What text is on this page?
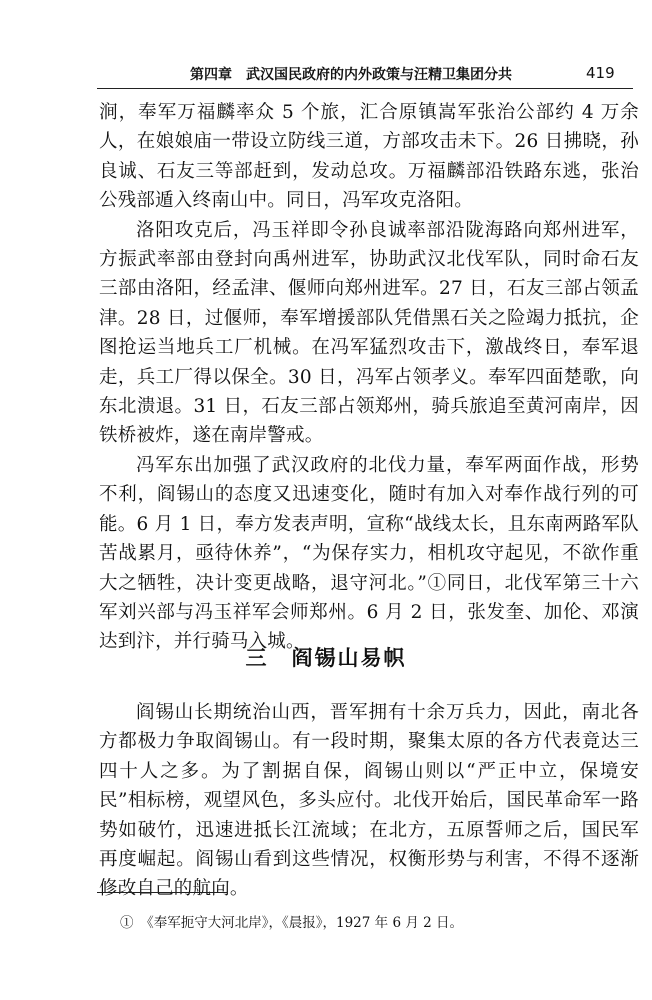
第四章　武汉国民政府的内外政策与汪精卫集团分共	419

涧，奉军万福麟率众 5 个旅，汇合原镇嵩军张治公部约 4 万余人，在娘娘庙一带设立防线三道，方部攻击未下。26 日拂晓，孙良诚、石友三等部赶到，发动总攻。万福麟部沿铁路东逃，张治公残部遁入终南山中。同日，冯军攻克洛阳。

洛阳攻克后，冯玉祥即令孙良诚率部沿陇海路向郑州进军，方振武率部由登封向禹州进军，协助武汉北伐军队，同时命石友三部由洛阳，经孟津、偃师向郑州进军。27 日，石友三部占领孟津。28 日，过偃师，奉军增援部队凭借黑石关之险竭力抵抗，企图抢运当地兵工厂机械。在冯军猛烈攻击下，激战终日，奉军退走，兵工厂得以保全。30 日，冯军占领孝义。奉军四面楚歌，向东北溃退。31 日，石友三部占领郑州，骑兵旅追至黄河南岸，因铁桥被炸，遂在南岸警戒。

冯军东出加强了武汉政府的北伐力量，奉军两面作战，形势不利，阎锡山的态度又迅速变化，随时有加入对奉作战行列的可能。6 月 1 日，奉方发表声明，宣称“战线太长，且东南两路军队苦战累月，亟待休养”，“为保存实力，相机攻守起见，不欲作重大之牺牲，决计变更战略，退守河北。”①同日，北伐军第三十六军刘兴部与冯玉祥军会师郑州。6 月 2 日，张发奎、加伦、邓演达到汴，并行骑马入城。

三　阎锡山易帜

阎锡山长期统治山西，晋军拥有十余万兵力，因此，南北各方都极力争取阎锡山。有一段时期，聚集太原的各方代表竟达三四十人之多。为了割据自保，阎锡山则以“严正中立，保境安民”相标榜，观望风色，多头应付。北伐开始后，国民革命军一路势如破竹，迅速进抵长江流域；在北方，五原誓师之后，国民军再度崛起。阎锡山看到这些情况，权衡形势与利害，不得不逐渐修改自己的航向。

①　《奉军扼守大河北岸》，《晨报》，1927 年 6 月 2 日。
